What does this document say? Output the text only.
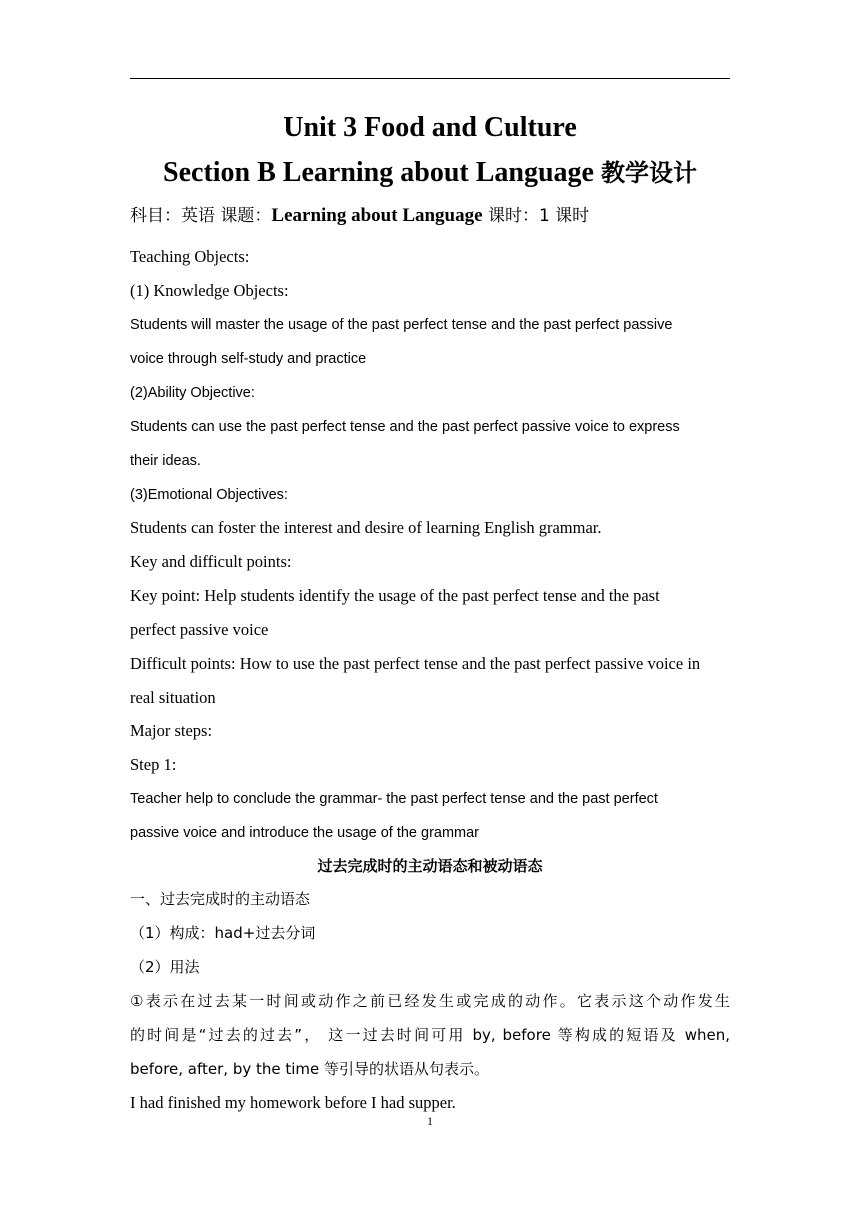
Unit 3 Food and Culture
Section B Learning about Language 教学设计
科目：英语 课题：Learning about Language 课时：1 课时
Teaching Objects:
(1) Knowledge Objects:
Students will master the usage of the past perfect tense and the past perfect passive
voice through self-study and practice
(2)Ability Objective:
Students can use the past perfect tense and the past perfect passive voice to express
their ideas.
(3)Emotional Objectives:
Students can foster the interest and desire of learning English grammar.
Key and difficult points:
Key point: Help students identify the usage of the past perfect tense and the past
perfect passive voice
Difficult points: How to use the past perfect tense and the past perfect passive voice in
real situation
Major steps:
Step 1:
Teacher help to conclude the grammar- the past perfect tense and the past perfect
passive voice and introduce the usage of the grammar
过去完成时的主动语态和被动语态
一、过去完成时的主动语态
（1）构成：had+过去分词
（2）用法
①表示在过去某一时间或动作之前已经发生或完成的动作。它表示这个动作发生
的时间是“过去的过去”， 这一过去时间可用 by, before 等构成的短语及 when,
before, after, by the time 等引导的状语从句表示。
I had finished my homework before I had supper.
1
